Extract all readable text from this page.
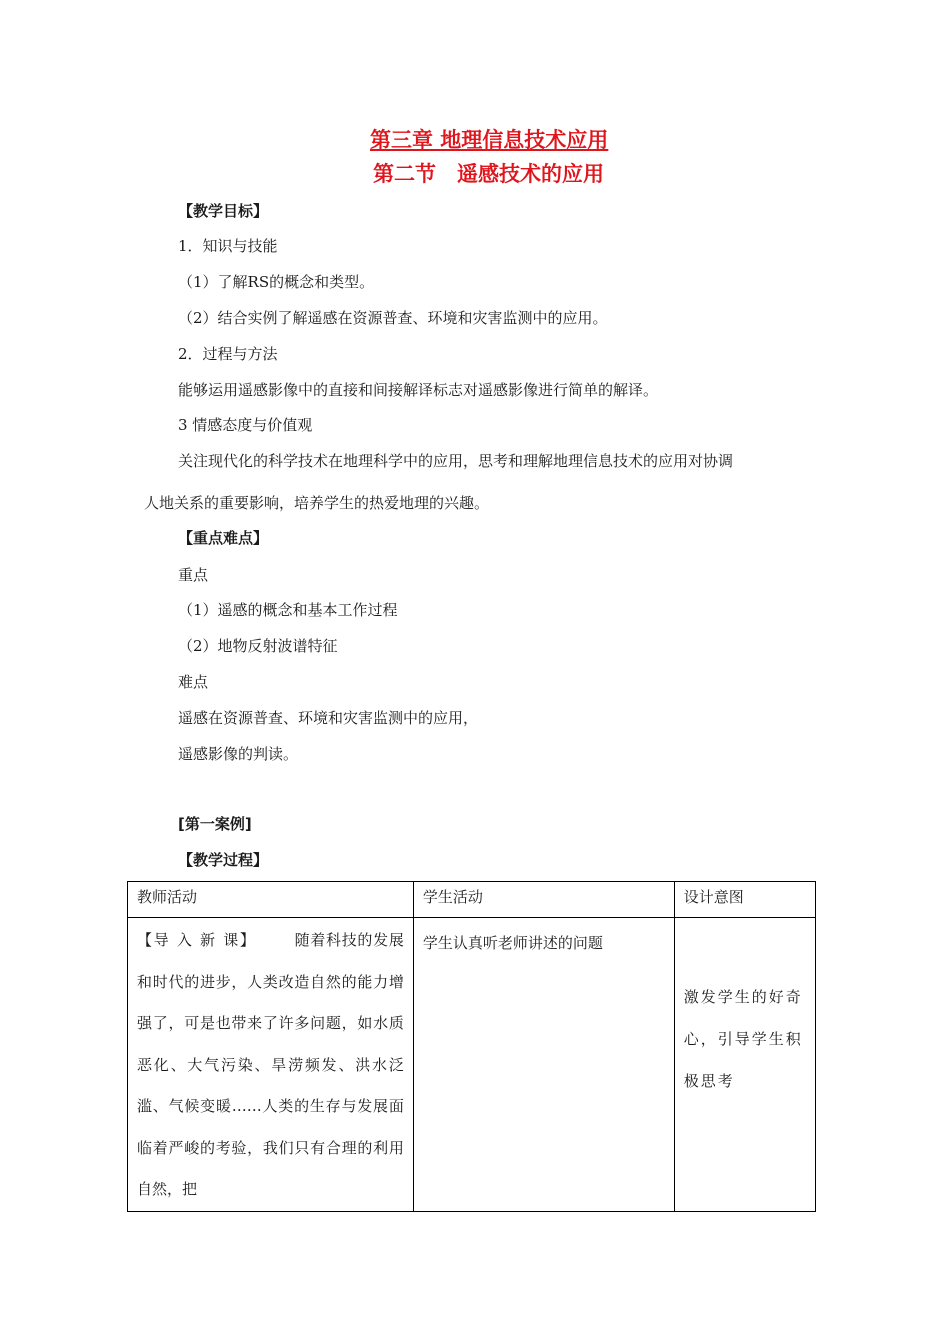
第三章 地理信息技术应用
第二节　遥感技术的应用
【教学目标】
1．知识与技能
（1）了解RS的概念和类型。
（2）结合实例了解遥感在资源普查、环境和灾害监测中的应用。
2．过程与方法
能够运用遥感影像中的直接和间接解译标志对遥感影像进行简单的解译。
3 情感态度与价值观
关注现代化的科学技术在地理科学中的应用，思考和理解地理信息技术的应用对协调
人地关系的重要影响，培养学生的热爱地理的兴趣。
【重点难点】
重点
（1）遥感的概念和基本工作过程
（2）地物反射波谱特征
难点
遥感在资源普查、环境和灾害监测中的应用，
遥感影像的判读。
[第一案例]
【教学过程】
教师活动	学生活动	设计意图

【导 入 新 课】 随着科技的发展和时代的进步，人类改造自然的能力增强了，可是也带来了许多问题，如水质恶化、大气污染、旱涝频发、洪水泛滥、气候变暖……人类的生存与发展面临着严峻的考验，我们只有合理的利用自然，把	学生认真听老师讲述的问题	激发学生的好奇心，引导学生积极思考
